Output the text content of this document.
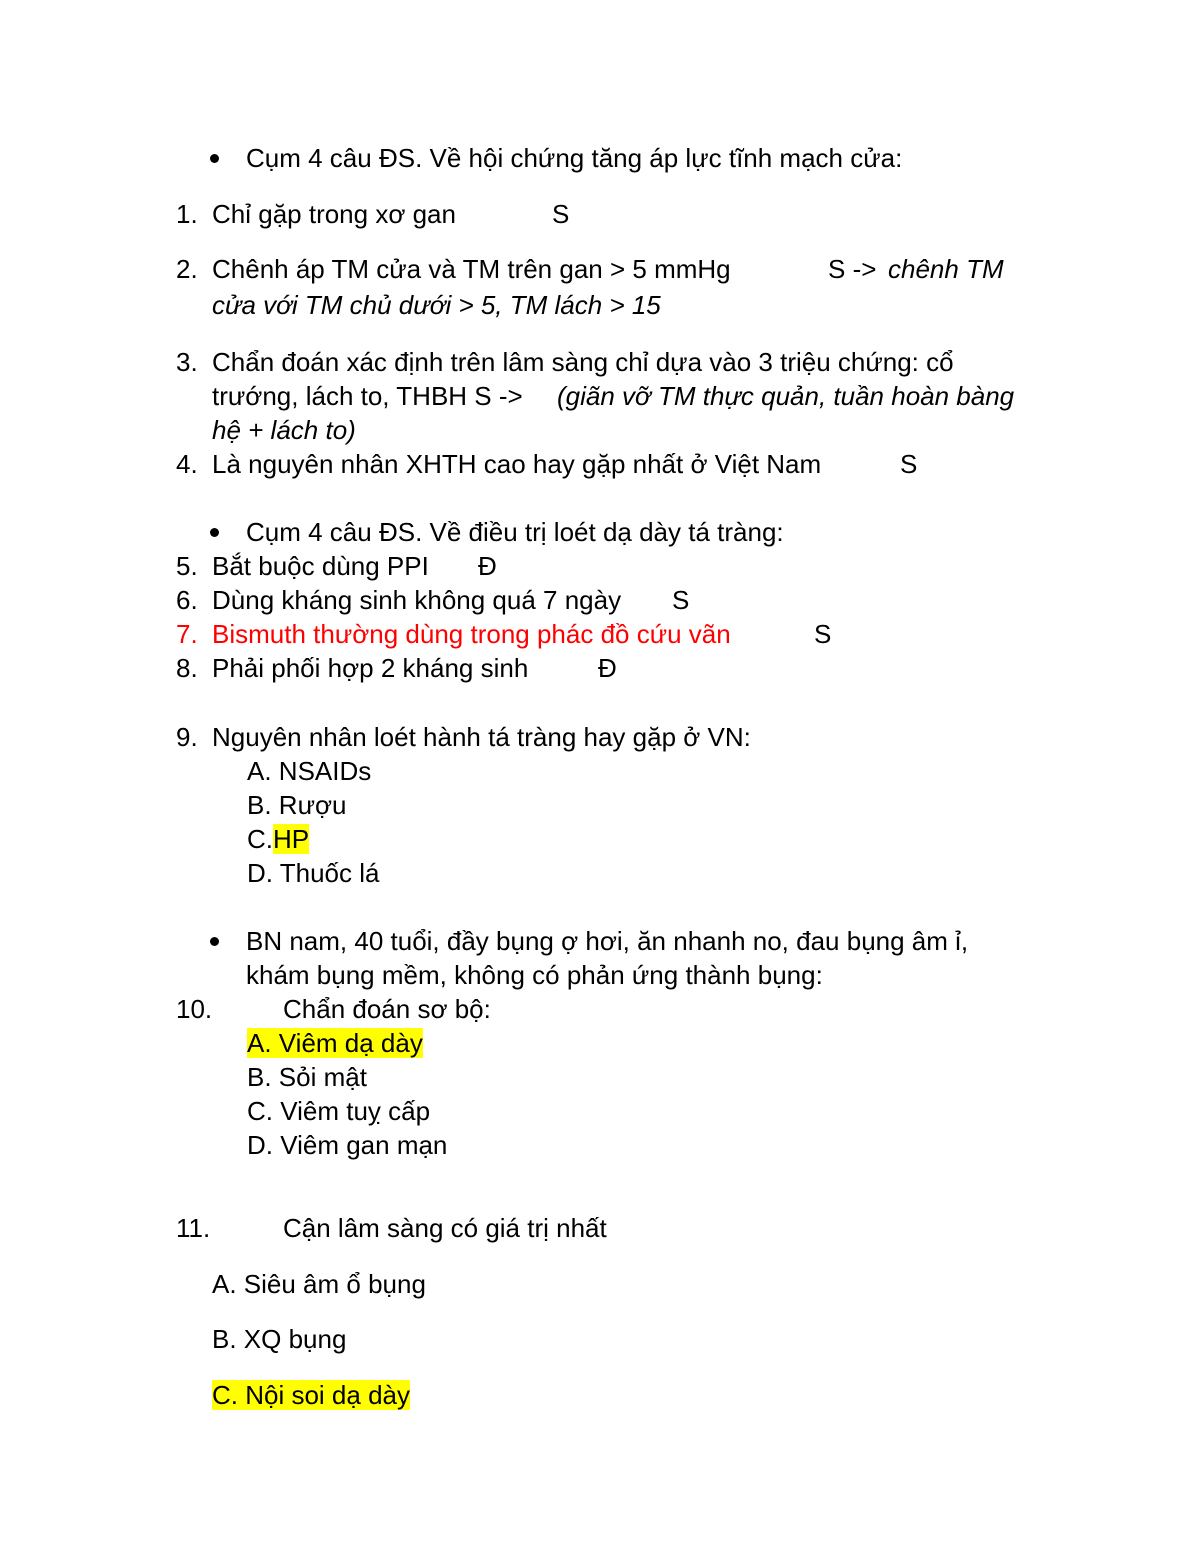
Cụm 4 câu ĐS. Về hội chứng tăng áp lực tĩnh mạch cửa:
1. Chỉ gặp trong xơ gan	S
2. Chênh áp TM cửa và TM trên gan > 5 mmHg	S -> chênh TM
cửa với TM chủ dưới > 5, TM lách > 15
3. Chẩn đoán xác định trên lâm sàng chỉ dựa vào 3 triệu chứng: cổ
trướng, lách to, THBH S -> (giãn vỡ TM thực quản, tuần hoàn bàng
hệ + lách to)
4. Là nguyên nhân XHTH cao hay gặp nhất ở Việt Nam	S
Cụm 4 câu ĐS. Về điều trị loét dạ dày tá tràng:
5. Bắt buộc dùng PPI Đ
6. Dùng kháng sinh không quá 7 ngày S
7. Bismuth thường dùng trong phác đồ cứu vãn	S
8. Phải phối hợp 2 kháng sinh	Đ
9. Nguyên nhân loét hành tá tràng hay gặp ở VN:
A. NSAIDs
B. Rượu
C.HP
D. Thuốc lá
BN nam, 40 tuổi, đầy bụng ợ hơi, ăn nhanh no, đau bụng âm ỉ,
khám bụng mềm, không có phản ứng thành bụng:
10.	Chẩn đoán sơ bộ:
A. Viêm dạ dày
B. Sỏi mật
C. Viêm tuỵ cấp
D. Viêm gan mạn
11.	Cận lâm sàng có giá trị nhất
A. Siêu âm ổ bụng
B. XQ bụng
C. Nội soi dạ dày
